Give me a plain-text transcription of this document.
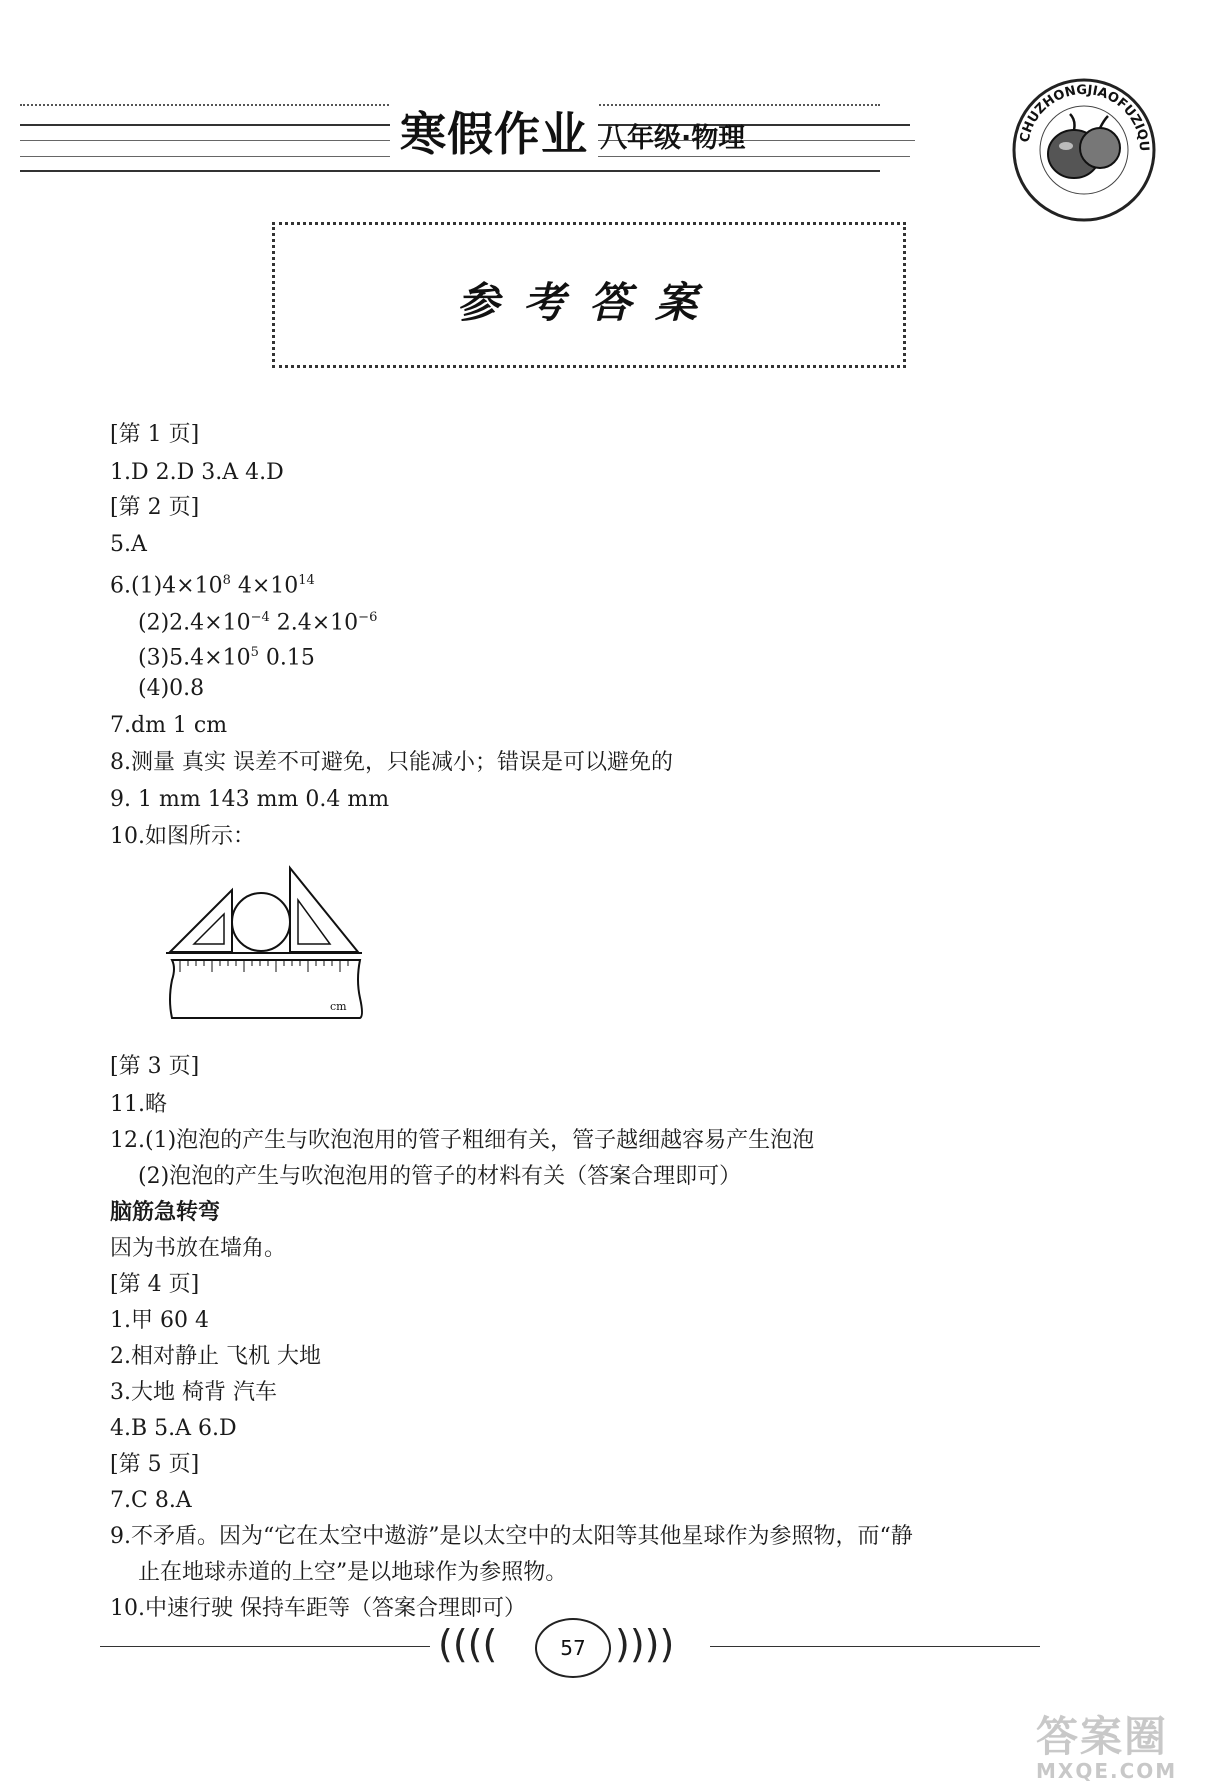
寒假作业 八年级·物理	CHUZHONGJIAOFUZIQU
参考答案
[第 1 页]
1.D 2.D 3.A 4.D
[第 2 页]
5.A
$6.(1)4\times 10^8$ $4\times 10^{14}$
$(2)2.4\times 10^{-4}$ $2.4\times 10^{-6}$
$(3)5.4\times 10^5$ 0.15
(4)0.8
7.dm 1 cm
8.测量 真实 误差不可避免，只能减小；错误是可以避免的
9. 1 mm 143 mm 0.4 mm
10.如图所示：
cm
[第 3 页]
11.略
12.(1)泡泡的产生与吹泡泡用的管子粗细有关，管子越细越容易产生泡泡
(2)泡泡的产生与吹泡泡用的管子的材料有关（答案合理即可）
脑筋急转弯
因为书放在墙角。
[第 4 页]
1.甲 60 4
2.相对静止 飞机 大地
3.大地 椅背 汽车
4.B 5.A 6.D
[第 5 页]
7.C 8.A
9.不矛盾。因为“它在太空中遨游”是以太空中的太阳等其他星球作为参照物，而“静
止在地球赤道的上空”是以地球作为参照物。
10.中速行驶 保持车距等（答案合理即可）
((((	))))
57
答案圈
MXQE.COM
